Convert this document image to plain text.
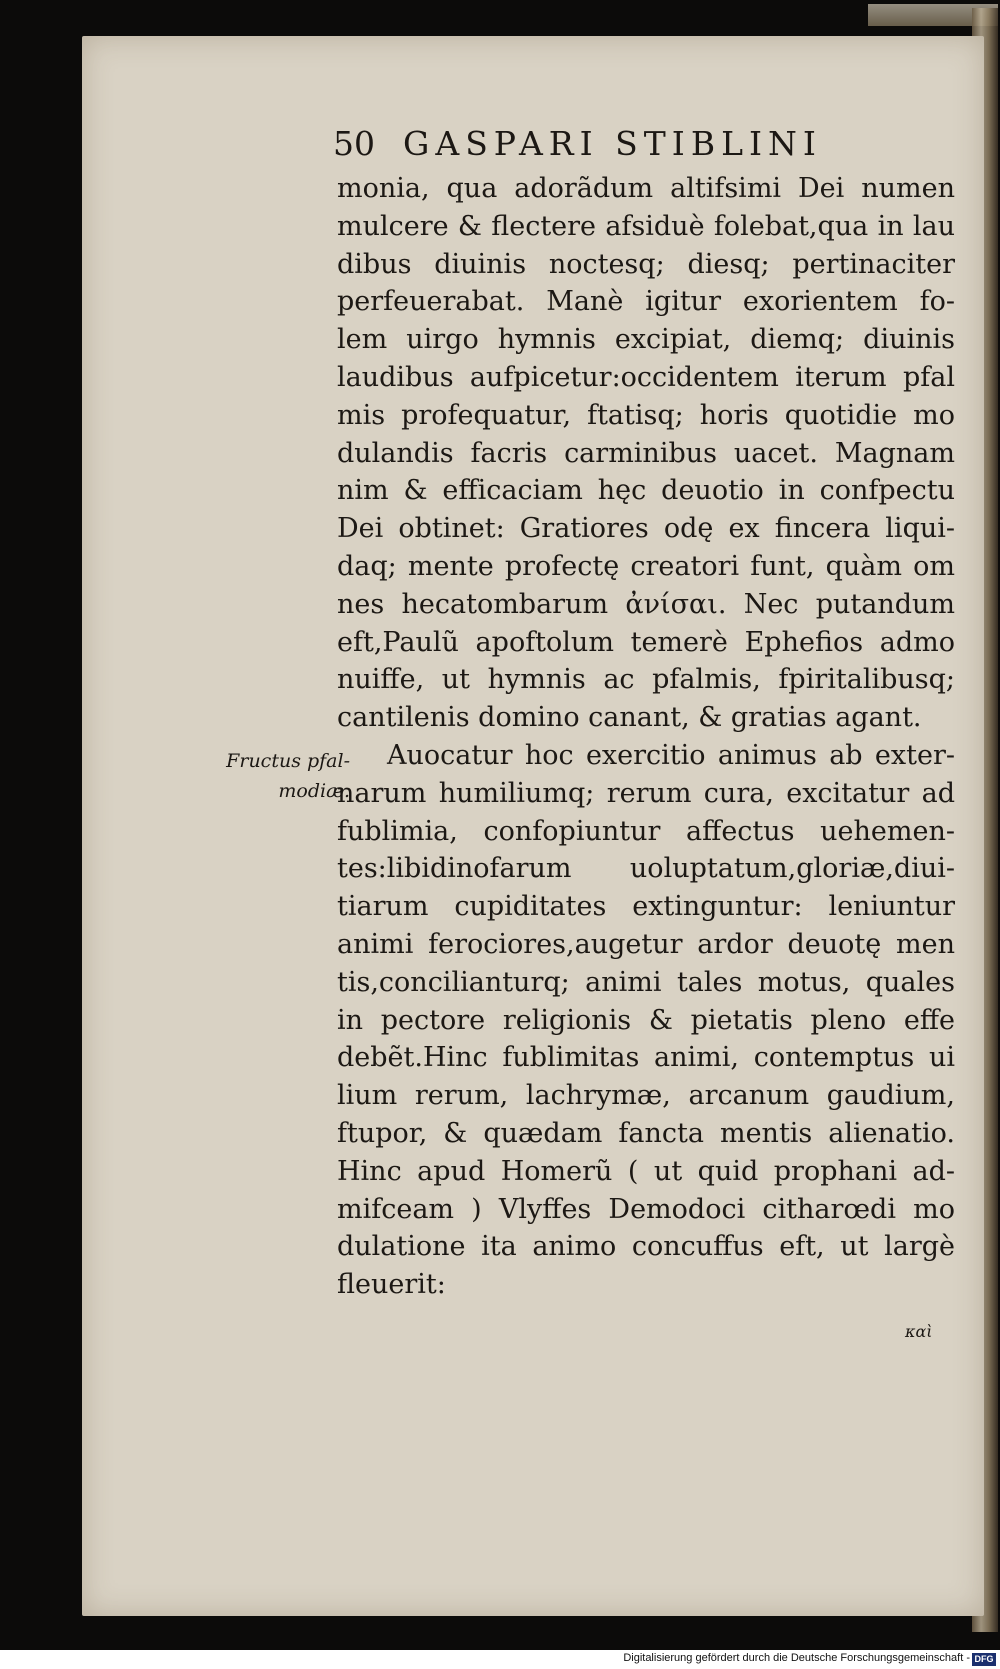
50 GASPARI STIBLINI
monia, qua adorãdum altifsimi Dei numen
mulcere & flectere afsiduè folebat,qua in lau
dibus diuinis noctesq; diesq; pertinaciter
perfeuerabat. Manè igitur exorientem fo-
lem uirgo hymnis excipiat, diemq; diuinis
laudibus aufpicetur:occidentem iterum pfal
mis profequatur, ftatisq; horis quotidie mo
dulandis facris carminibus uacet. Magnam
nim & efficaciam hęc deuotio in confpectu
Dei obtinet: Gratiores odę ex fincera liqui-
daq; mente profectę creatori funt, quàm om
nes hecatombarum ἀνίσαι. Nec putandum
eft,Paulũ apoftolum temerè Ephefios admo
nuiffe, ut hymnis ac pfalmis, fpiritalibusq;
cantilenis domino canant, & gratias agant.
Auocatur hoc exercitio animus ab exter-
narum humiliumq; rerum cura, excitatur ad
fublimia, confopiuntur affectus uehemen-
tes:libidinofarum uoluptatum,gloriæ,diui-
tiarum cupiditates extinguntur: leniuntur
animi ferociores,augetur ardor deuotę men
tis,concilianturq; animi tales motus, quales
in pectore religionis & pietatis pleno effe
debẽt.Hinc fublimitas animi, contemptus ui
lium rerum, lachrymæ, arcanum gaudium,
ftupor, & quædam fancta mentis alienatio.
Hinc apud Homerũ ( ut quid prophani ad-
mifceam ) Vlyffes Demodoci citharœdi mo
dulatione ita animo concuffus eft, ut largè
fleuerit:
Fructus pfal-
modiæ.
καὶ
Digitalisierung gefördert durch die Deutsche Forschungsgemeinschaft - DFG
